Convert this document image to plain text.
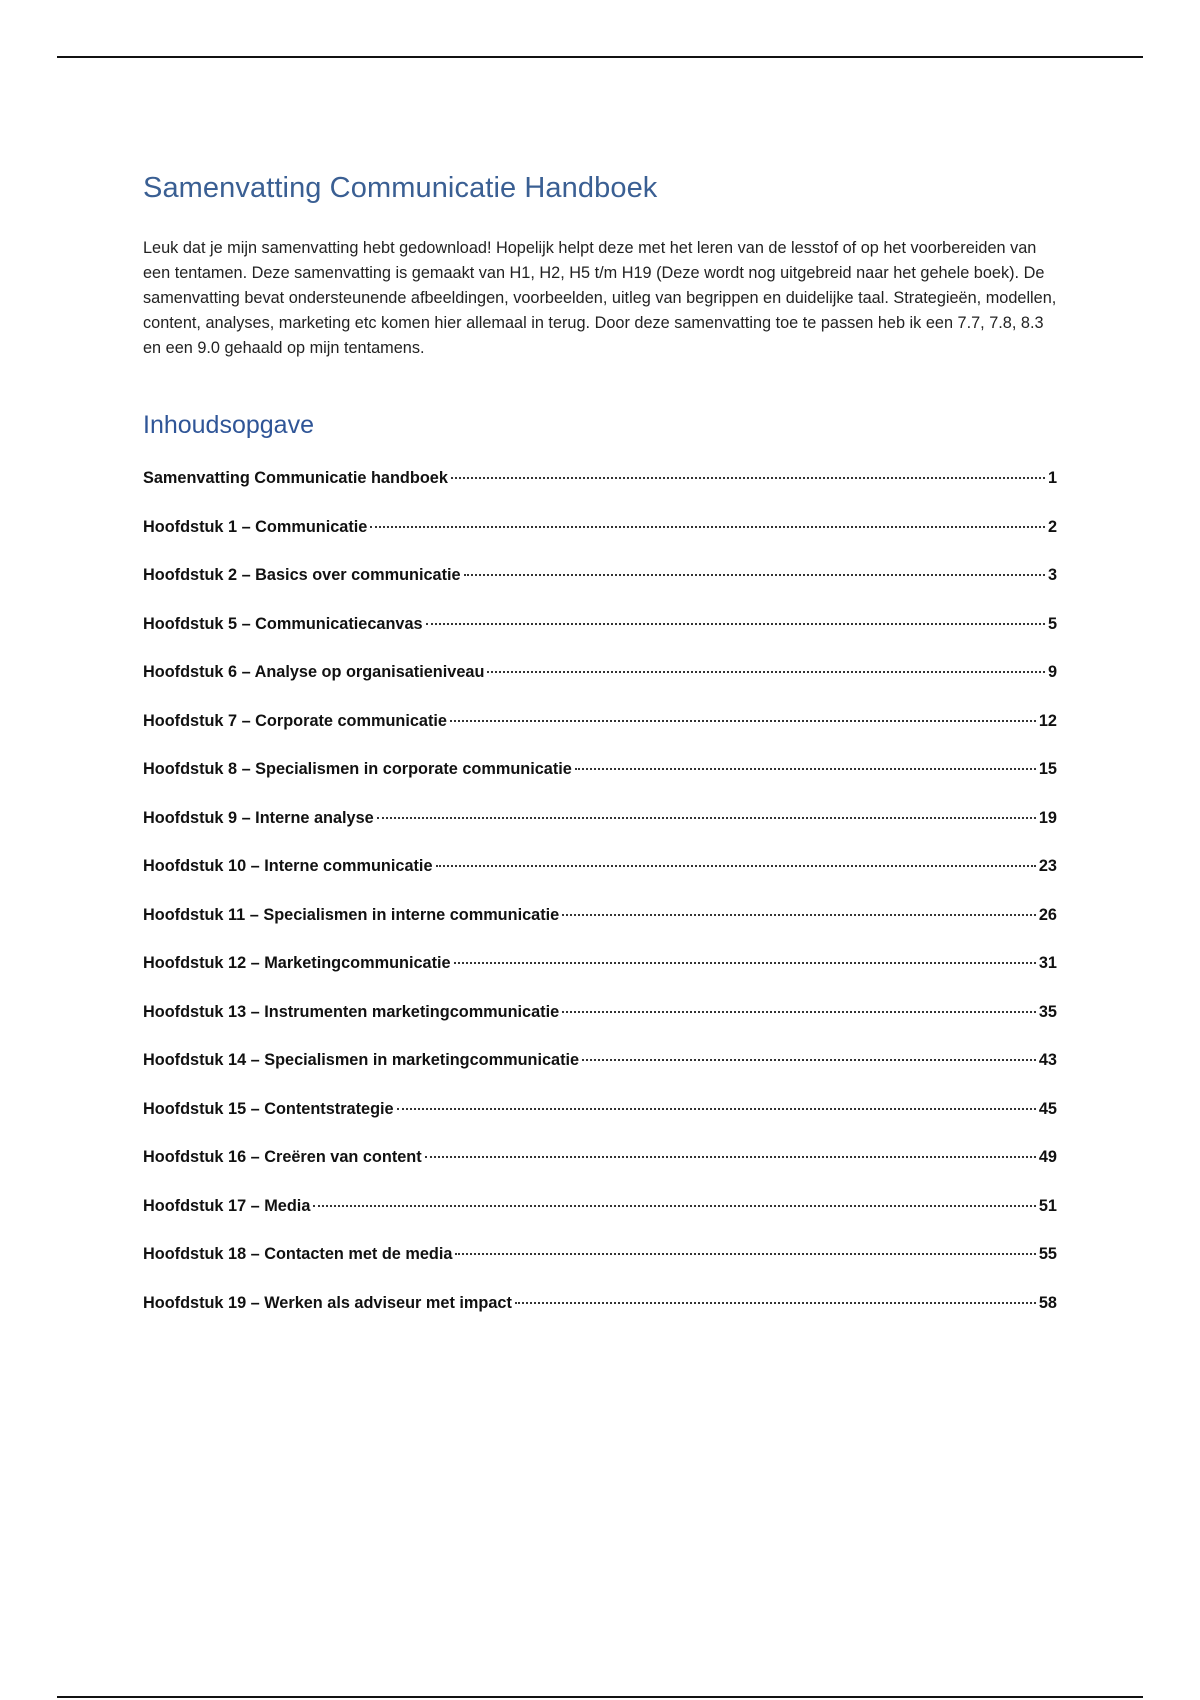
Samenvatting Communicatie Handboek

Leuk dat je mijn samenvatting hebt gedownload! Hopelijk helpt deze met het leren van de lesstof of op het voorbereiden van een tentamen. Deze samenvatting is gemaakt van H1, H2, H5 t/m H19 (Deze wordt nog uitgebreid naar het gehele boek). De samenvatting bevat ondersteunende afbeeldingen, voorbeelden, uitleg van begrippen en duidelijke taal. Strategieën, modellen, content, analyses, marketing etc komen hier allemaal in terug. Door deze samenvatting toe te passen heb ik een 7.7, 7.8, 8.3 en een 9.0 gehaald op mijn tentamens.

Inhoudsopgave
Samenvatting Communicatie handboek	1
Hoofdstuk 1 – Communicatie	2
Hoofdstuk 2 – Basics over communicatie	3
Hoofdstuk 5 – Communicatiecanvas	5
Hoofdstuk 6 – Analyse op organisatieniveau	9
Hoofdstuk 7 – Corporate communicatie	12
Hoofdstuk 8 – Specialismen in corporate communicatie	15
Hoofdstuk 9 – Interne analyse	19
Hoofdstuk 10 – Interne communicatie	23
Hoofdstuk 11 – Specialismen in interne communicatie	26
Hoofdstuk 12 – Marketingcommunicatie	31
Hoofdstuk 13 – Instrumenten marketingcommunicatie	35
Hoofdstuk 14 – Specialismen in marketingcommunicatie	43
Hoofdstuk 15 – Contentstrategie	45
Hoofdstuk 16 – Creëren van content	49
Hoofdstuk 17 – Media	51
Hoofdstuk 18 – Contacten met de media	55
Hoofdstuk 19 – Werken als adviseur met impact	58
